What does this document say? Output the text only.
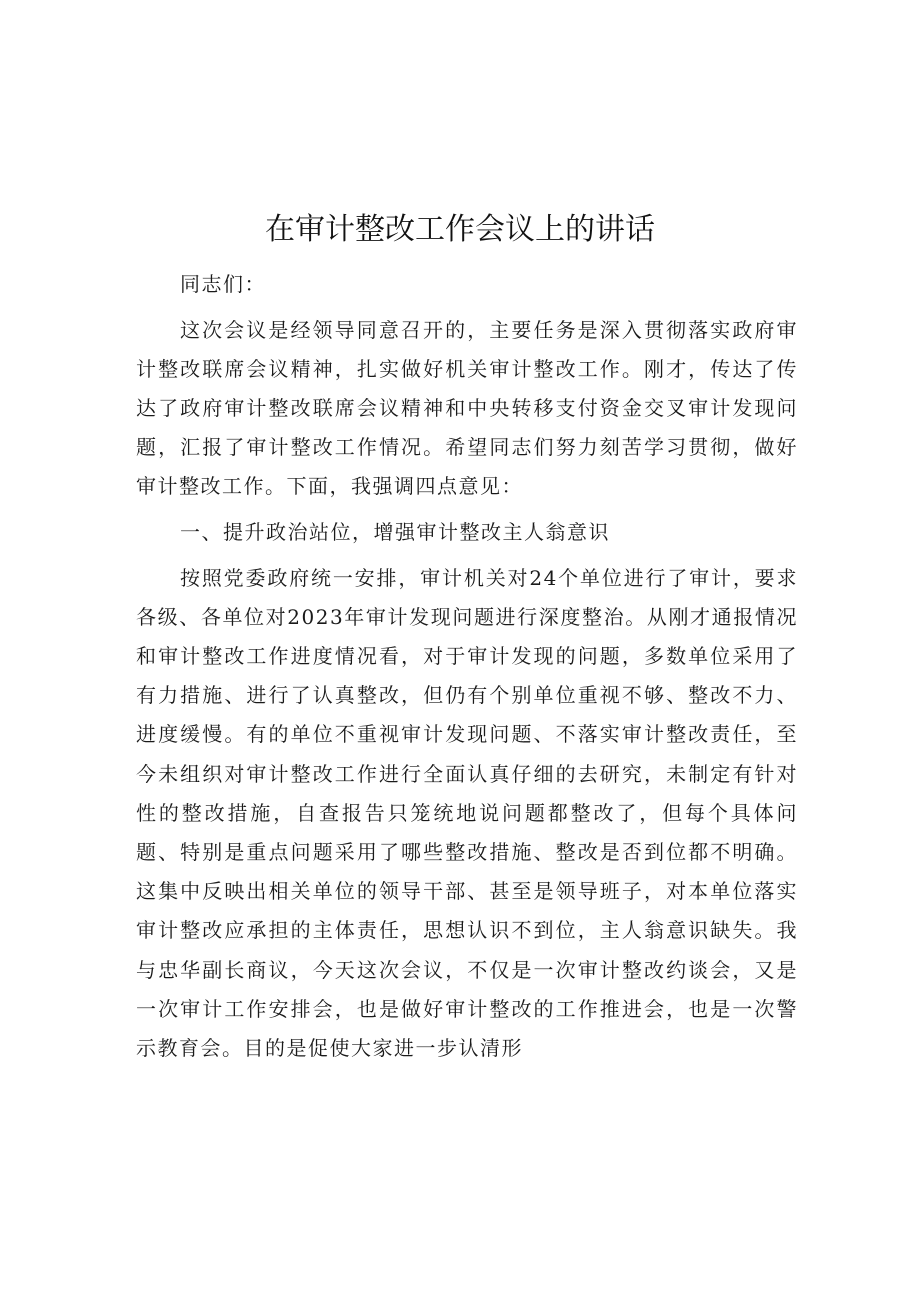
在审计整改工作会议上的讲话

同志们：

这次会议是经领导同意召开的，主要任务是深入贯彻落实政府审计整改联席会议精神，扎实做好机关审计整改工作。刚才，传达了传达了政府审计整改联席会议精神和中央转移支付资金交叉审计发现问题，汇报了审计整改工作情况。希望同志们努力刻苦学习贯彻，做好审计整改工作。下面，我强调四点意见：

一、提升政治站位，增强审计整改主人翁意识

按照党委政府统一安排，审计机关对24个单位进行了审计，要求各级、各单位对2023年审计发现问题进行深度整治。从刚才通报情况和审计整改工作进度情况看，对于审计发现的问题，多数单位采用了有力措施、进行了认真整改，但仍有个别单位重视不够、整改不力、进度缓慢。有的单位不重视审计发现问题、不落实审计整改责任，至今未组织对审计整改工作进行全面认真仔细的去研究，未制定有针对性的整改措施，自查报告只笼统地说问题都整改了，但每个具体问题、特别是重点问题采用了哪些整改措施、整改是否到位都不明确。这集中反映出相关单位的领导干部、甚至是领导班子，对本单位落实审计整改应承担的主体责任，思想认识不到位，主人翁意识缺失。我与忠华副长商议，今天这次会议，不仅是一次审计整改约谈会，又是一次审计工作安排会，也是做好审计整改的工作推进会，也是一次警示教育会。目的是促使大家进一步认清形
